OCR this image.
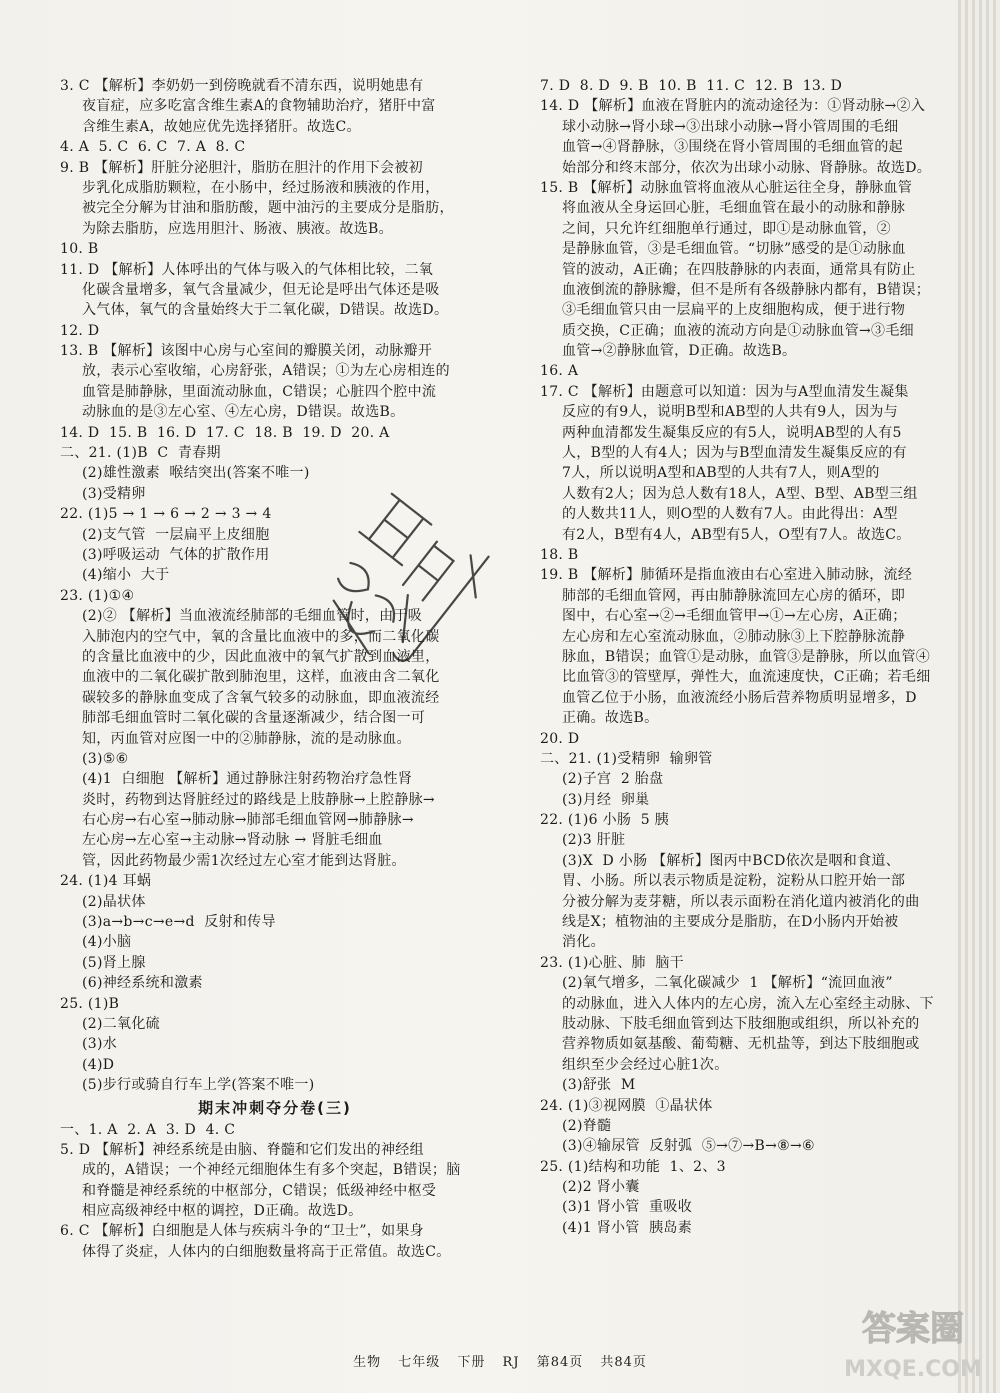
3. C 【解析】李奶奶一到傍晚就看不清东西，说明她患有
夜盲症，应多吃富含维生素A的食物辅助治疗，猪肝中富
含维生素A，故她应优先选择猪肝。故选C。
4. A  5. C  6. C  7. A  8. C
9. B 【解析】肝脏分泌胆汁，脂肪在胆汁的作用下会被初
步乳化成脂肪颗粒，在小肠中，经过肠液和胰液的作用，
被完全分解为甘油和脂肪酸，题中油污的主要成分是脂肪，
为除去脂肪，应选用胆汁、肠液、胰液。故选B。
10. B
11. D 【解析】人体呼出的气体与吸入的气体相比较，二氧
化碳含量增多，氧气含量减少，但无论是呼出气体还是吸
入气体，氧气的含量始终大于二氧化碳，D错误。故选D。
12. D
13. B 【解析】该图中心房与心室间的瓣膜关闭，动脉瓣开
放，表示心室收缩，心房舒张，A错误；①为左心房相连的
血管是肺静脉，里面流动脉血，C错误；心脏四个腔中流
动脉血的是③左心室、④左心房，D错误。故选B。
14. D  15. B  16. D  17. C  18. B  19. D  20. A
二、21. (1)B  C  青春期
(2)雄性激素  喉结突出(答案不唯一)
(3)受精卵
22. (1)5 → 1 → 6 → 2 → 3 → 4
(2)支气管  一层扁平上皮细胞
(3)呼吸运动  气体的扩散作用
(4)缩小  大于
23. (1)①④
(2)② 【解析】当血液流经肺部的毛细血管时，由于吸
入肺泡内的空气中，氧的含量比血液中的多，而二氧化碳
的含量比血液中的少，因此血液中的氧气扩散到血液里，
血液中的二氧化碳扩散到肺泡里，这样，血液由含二氧化
碳较多的静脉血变成了含氧气较多的动脉血，即血液流经
肺部毛细血管时二氧化碳的含量逐渐减少，结合图一可
知，丙血管对应图一中的②肺静脉，流的是动脉血。
(3)⑤⑥
(4)1  白细胞 【解析】通过静脉注射药物治疗急性肾
炎时，药物到达肾脏经过的路线是上肢静脉→上腔静脉→
右心房→右心室→肺动脉→肺部毛细血管网→肺静脉→
左心房→左心室→主动脉→肾动脉 → 肾脏毛细血
管，因此药物最少需1次经过左心室才能到达肾脏。
24. (1)4 耳蜗
(2)晶状体
(3)a→b→c→e→d  反射和传导
(4)小脑
(5)肾上腺
(6)神经系统和激素
25. (1)B
(2)二氧化硫
(3)水
(4)D
(5)步行或骑自行车上学(答案不唯一)
期末冲刺夺分卷(三)
一、1. A  2. A  3. D  4. C
5. D 【解析】神经系统是由脑、脊髓和它们发出的神经组
成的，A错误；一个神经元细胞体生有多个突起，B错误；脑
和脊髓是神经系统的中枢部分，C错误；低级神经中枢受
相应高级神经中枢的调控，D正确。故选D。
6. C 【解析】白细胞是人体与疾病斗争的“卫士”，如果身
体得了炎症，人体内的白细胞数量将高于正常值。故选C。
7. D  8. D  9. B  10. B  11. C  12. B  13. D
14. D 【解析】血液在肾脏内的流动途径为：①肾动脉→②入
球小动脉→肾小球→③出球小动脉→肾小管周围的毛细
血管→④肾静脉，③围绕在肾小管周围的毛细血管的起
始部分和终末部分，依次为出球小动脉、肾静脉。故选D。
15. B 【解析】动脉血管将血液从心脏运往全身，静脉血管
将血液从全身运回心脏，毛细血管在最小的动脉和静脉
之间，只允许红细胞单行通过，即①是动脉血管，②
是静脉血管，③是毛细血管。“切脉”感受的是①动脉血
管的波动，A正确；在四肢静脉的内表面，通常具有防止
血液倒流的静脉瓣，但不是所有各级静脉内都有，B错误；
③毛细血管只由一层扁平的上皮细胞构成，便于进行物
质交换，C正确；血液的流动方向是①动脉血管→③毛细
血管→②静脉血管，D正确。故选B。
16. A
17. C 【解析】由题意可以知道：因为与A型血清发生凝集
反应的有9人，说明B型和AB型的人共有9人，因为与
两种血清都发生凝集反应的有5人，说明AB型的人有5
人，B型的人有4人；因为与B型血清发生凝集反应的有
7人，所以说明A型和AB型的人共有7人，则A型的
人数有2人；因为总人数有18人，A型、B型、AB型三组
的人数共11人，则O型的人数有7人。由此得出：A型
有2人，B型有4人，AB型有5人，O型有7人。故选C。
18. B
19. B 【解析】肺循环是指血液由右心室进入肺动脉，流经
肺部的毛细血管网，再由肺静脉流回左心房的循环，即
图中，右心室→②→毛细血管甲→①→左心房，A正确；
左心房和左心室流动脉血，②肺动脉③上下腔静脉流静
脉血，B错误；血管①是动脉，血管③是静脉，所以血管④
比血管③的管壁厚，弹性大，血流速度快，C正确；若毛细
血管乙位于小肠，血液流经小肠后营养物质明显增多，D
正确。故选B。
20. D
二、21. (1)受精卵  输卵管
(2)子宫  2 胎盘
(3)月经  卵巢
22. (1)6 小肠  5 胰
(2)3 肝脏
(3)X  D 小肠 【解析】图丙中BCD依次是咽和食道、
胃、小肠。所以表示物质是淀粉，淀粉从口腔开始一部
分被分解为麦芽糖，所以表示面粉在消化道内被消化的曲
线是X；植物油的主要成分是脂肪，在D小肠内开始被
消化。
23. (1)心脏、肺  脑干
(2)氧气增多，二氧化碳减少  1 【解析】“流回血液”
的动脉血，进入人体内的左心房，流入左心室经主动脉、下
肢动脉、下肢毛细血管到达下肢细胞或组织，所以补充的
营养物质如氨基酸、葡萄糖、无机盐等，到达下肢细胞或
组织至少会经过心脏1次。
(3)舒张  M
24. (1)③视网膜  ①晶状体
(2)脊髓
(3)④输尿管  反射弧  ⑤→⑦→B→⑧→⑥
25. (1)结构和功能  1、2、3
(2)2 肾小囊
(3)1 肾小管  重吸收
(4)1 肾小管  胰岛素
答案圈
MXQE.COM
生物 七年级 下册 RJ 第84页 共84页
